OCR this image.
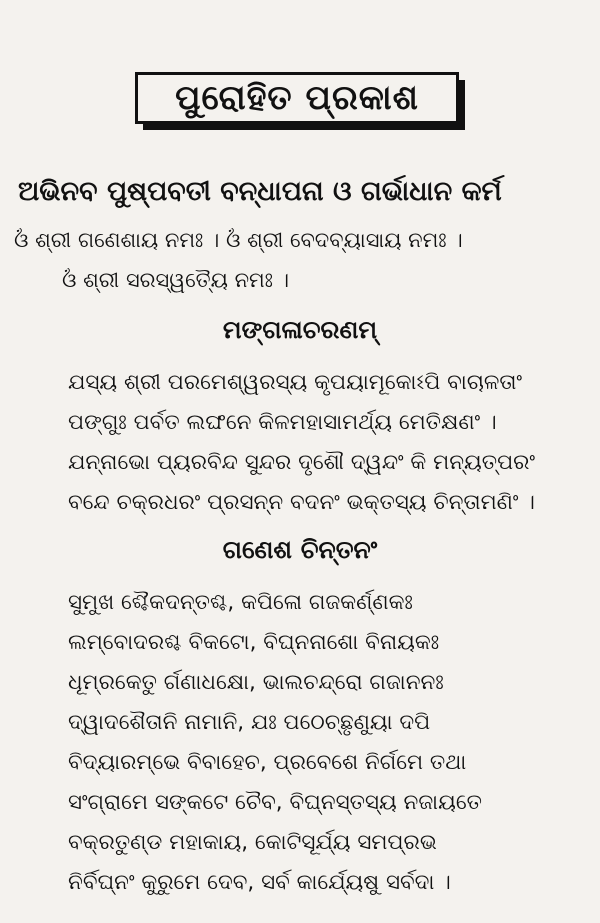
ପୁରୋହିତ ପ୍ରକାଶ
ଅଭିନବ ପୁଷ୍ପବତୀ ବନ୍ଧାପନା ଓ ଗର୍ଭାଧାନ କର୍ମ
ଓଁ ଶ୍ରୀ ଗଣେଶାୟ ନମଃ । ଓଁ ଶ୍ରୀ ବେଦବ୍ୟାସାୟ ନମଃ ।
ଓଁ ଶ୍ରୀ ସରସ୍ୱତ୍ୟୈ ନମଃ ।
ମଙ୍ଗଳାଚରଣମ୍
ଯସ୍ୟ ଶ୍ରୀ ପରମେଶ୍ୱରସ୍ୟ କୃପୟାମୂକୋଽପି ବାଚାଳତାଂ
ପଙ୍ଗୁଃ ପର୍ବତ ଲଙ୍ଘନେ କିଳମହାସାମର୍ଥ୍ୟ ମେତିକ୍ଷଣଂ ।
ଯନ୍ନାଭୋ ପ୍ୟରବିନ୍ଦ ସୁନ୍ଦର ଦୃଶୌ ଦ୍ୱନ୍ଦଂ କି ମନ୍ୟତ୍ପରଂ
ବନ୍ଦେ ଚକ୍ରଧରଂ ପ୍ରସନ୍ନ ବଦନଂ ଭକ୍ତସ୍ୟ ଚିନ୍ତାମଣିଂ ।
ଗଣେଶ ଚିନ୍ତନଂ
ସୁମୁଖ ଶ୍ଚୈକଦନ୍ତଶ୍ଚ, କପିଳୋ ଗଜକର୍ଣ୍ଣକଃ
ଲମ୍ବୋଦରଶ୍ଚ ବିକଟୋ, ବିଘ୍ନନାଶୋ ବିନାୟକଃ
ଧୂମ୍ରକେତୁ ର୍ଗଣାଧକ୍ଷୋ, ଭାଲଚନ୍ଦ୍ରୋ ଗଜାନନଃ
ଦ୍ୱାଦଶୈତାନି ନାମାନି, ଯଃ ପଠେଚ୍ଛୃଣୁୟା ଦପି
ବିଦ୍ୟାରମ୍ଭେ ବିବାହେଚ, ପ୍ରବେଶେ ନିର୍ଗମେ ତଥା
ସଂଗ୍ରାମେ ସଙ୍କଟେ ଚୈବ, ବିଘ୍ନସ୍ତସ୍ୟ ନଜାୟତେ
ବକ୍ରତୁଣ୍ଡ ମହାକାୟ, କୋଟିସୂର୍ଯ୍ୟ ସମପ୍ରଭ
ନିର୍ବିଘ୍ନଂ କୁରୁମେ ଦେବ, ସର୍ବ କାର୍ଯ୍ୟେଷୁ ସର୍ବଦା ।
